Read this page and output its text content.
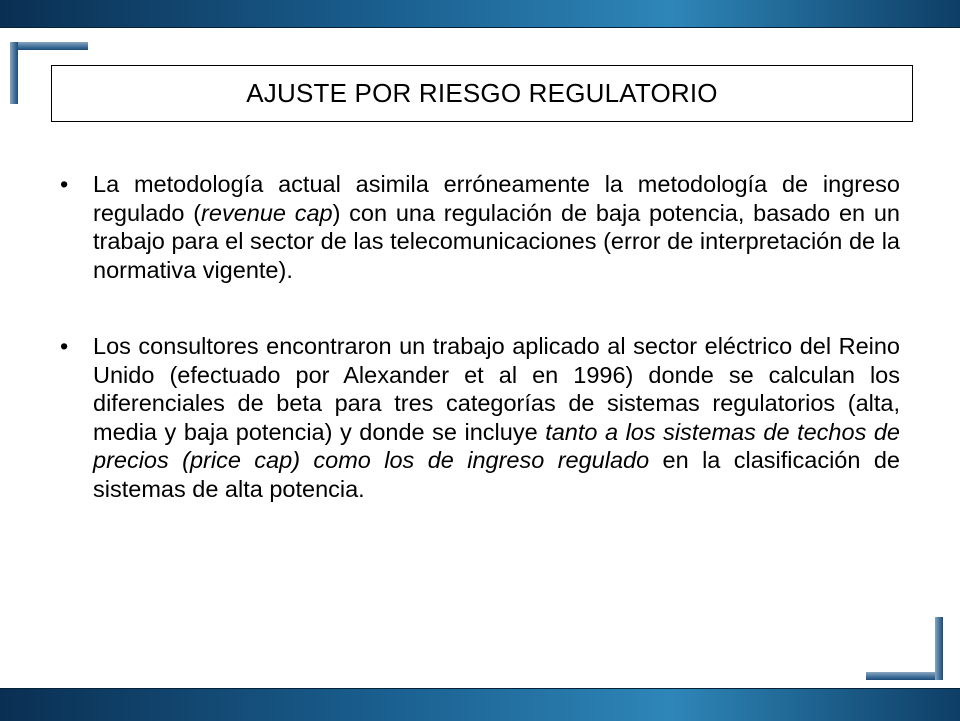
AJUSTE POR RIESGO REGULATORIO
• La metodología actual asimila erróneamente la metodología de ingreso regulado (revenue cap) con una regulación de baja potencia, basado en un trabajo para el sector de las telecomunicaciones (error de interpretación de la normativa vigente).
• Los consultores encontraron un trabajo aplicado al sector eléctrico del Reino Unido (efectuado por Alexander et al en 1996) donde se calculan los diferenciales de beta para tres categorías de sistemas regulatorios (alta, media y baja potencia) y donde se incluye tanto a los sistemas de techos de precios (price cap) como los de ingreso regulado en la clasificación de sistemas de alta potencia.
